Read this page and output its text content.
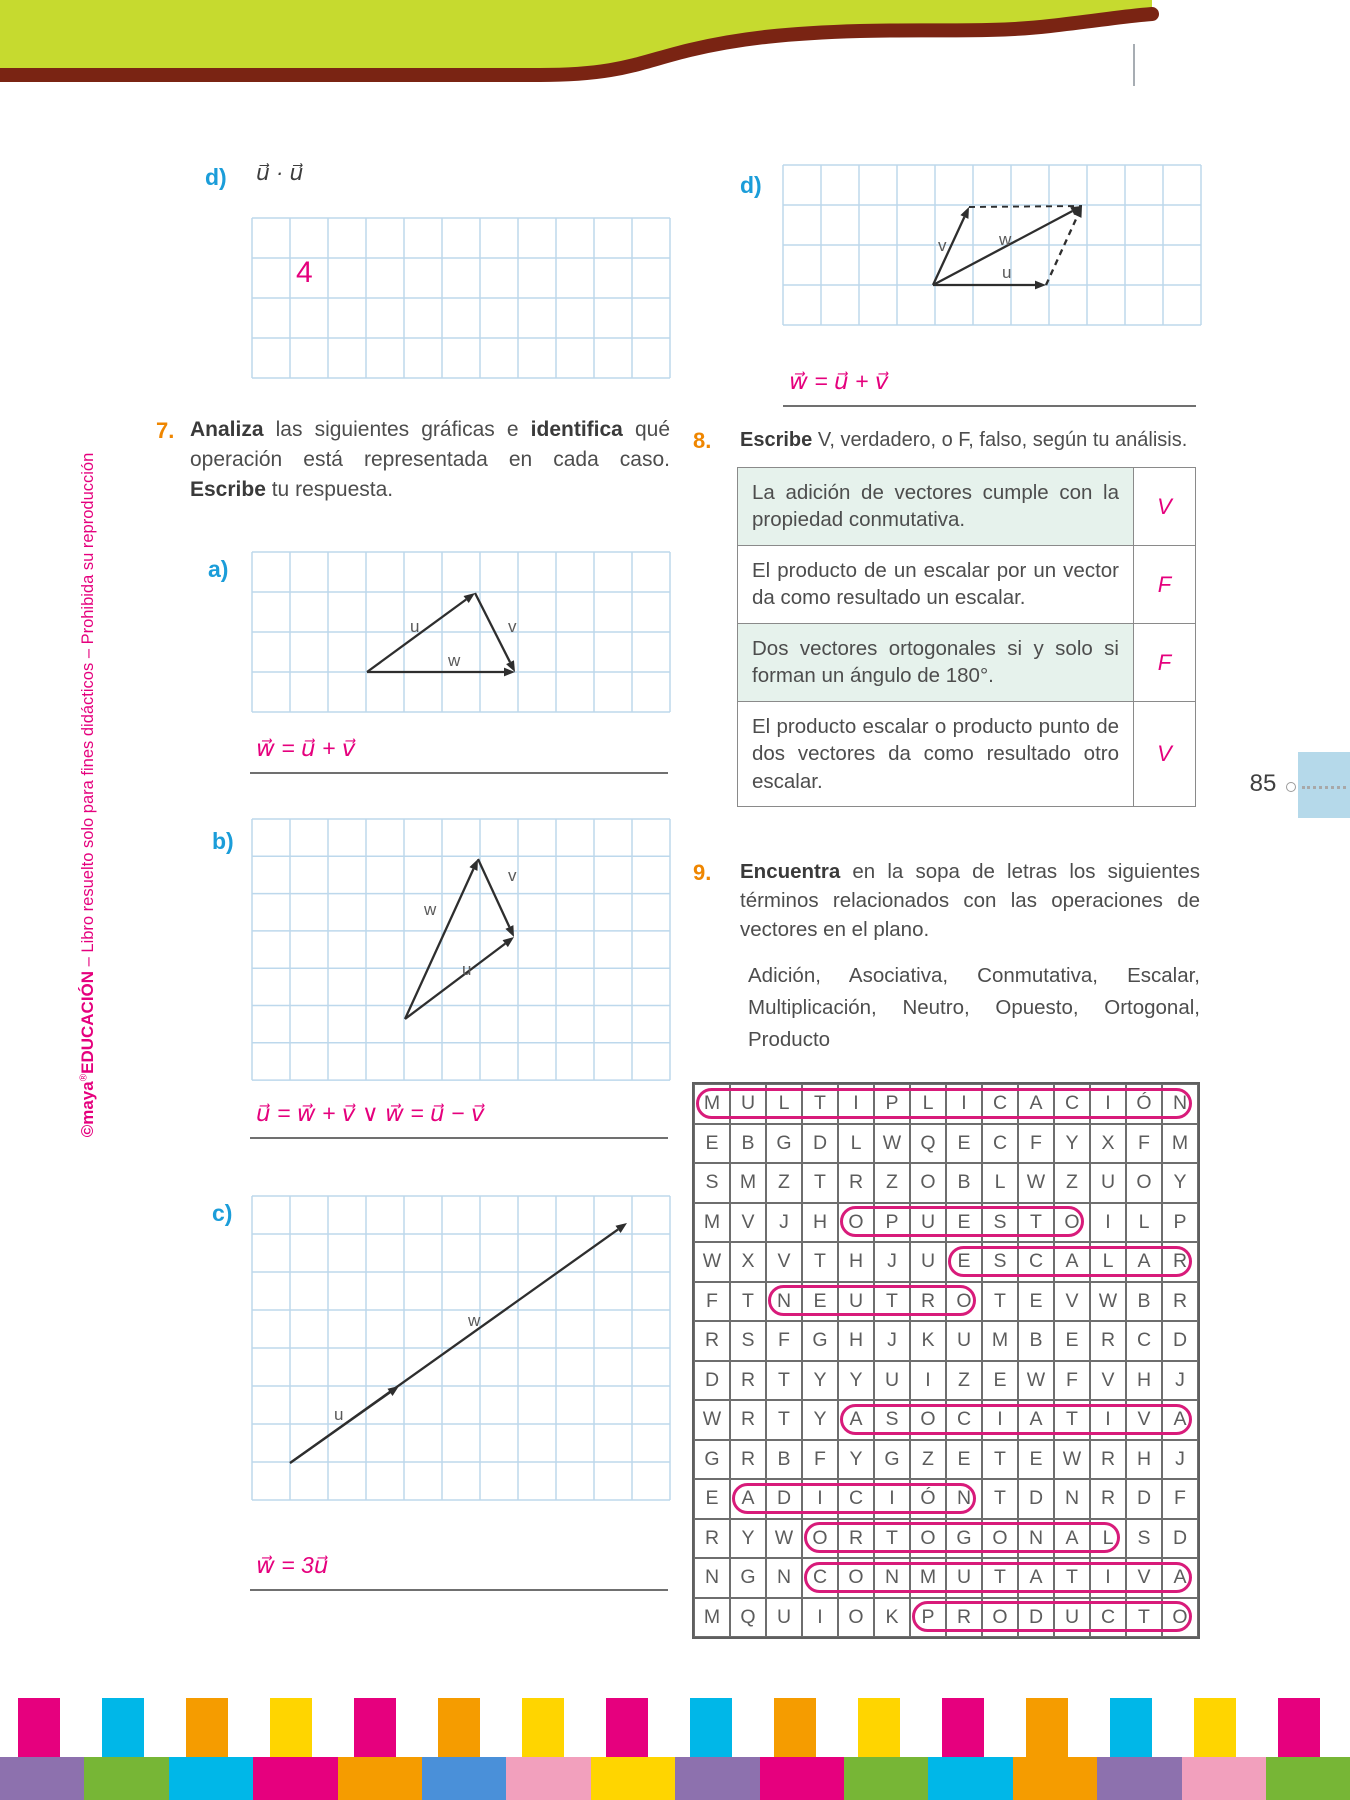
©maya®EDUCACIÓN – Libro resuelto solo para fines didácticos – Prohibida su reproducción
d) u⃗ · u⃗
4
7. Analiza las siguientes gráficas e identifica qué operación está representada en cada caso. Escribe tu respuesta.
a)
u	v
w
w⃗ = u⃗ + v⃗
b)
w
v
u
u⃗ = w⃗ + v⃗ ∨ w⃗ = u⃗ − v⃗
c)
u
w
w⃗ = 3u⃗
d)
v	w
u
w⃗ = u⃗ + v⃗
8. Escribe V, verdadero, o F, falso, según tu análisis.
La adición de vectores cumple con la propiedad conmutativa.	V
El producto de un escalar por un vector da como resultado un escalar.	F
Dos vectores ortogonales si y solo si forman un ángulo de 180°.	F
El producto escalar o producto punto de dos vectores da como resultado otro escalar.	V
9. Encuentra en la sopa de letras los siguientes términos relacionados con las operaciones de vectores en el plano.
Adición, Asociativa, Conmutativa, Escalar, Multiplicación, Neutro, Opuesto, Ortogonal, Producto
M	U	L	T	I	P	L	I	C	A	C	I	Ó	N
E	B	G	D	L	W Q	E	C	F	Y	X	F	M
S	M	Z	T	R	Z	O	B	L	W	Z	U	O	Y
M	V	J	H	O	P	U	E	S	T	O	I	L	P
W	X	V	T	H	J	U	E	S	C	A	L	A	R
F	T	N	E	U	T	R	O	T	E	V	W	B	R
R	S	F	G	H	J	K	U	M	B	E	R	C	D
D	R	T	Y	Y	U	I	Z	E	W	F	V	H	J
W	R	T	Y	A	S	O	C	I	A	T	I	V	A
G	R	B	F	Y	G	Z	E	T	E	W	R	H	J
E	A	D	I	C	I	Ó	N	T	D	N	R	D	F
R	Y	W O	R	T	O	G	O	N	A	L	S	D
N	G	N	C	O	N	M	U	T	A	T	I	V	A
M	Q	U	I	O	K	P	R	O	D	U	C	T	O
85
